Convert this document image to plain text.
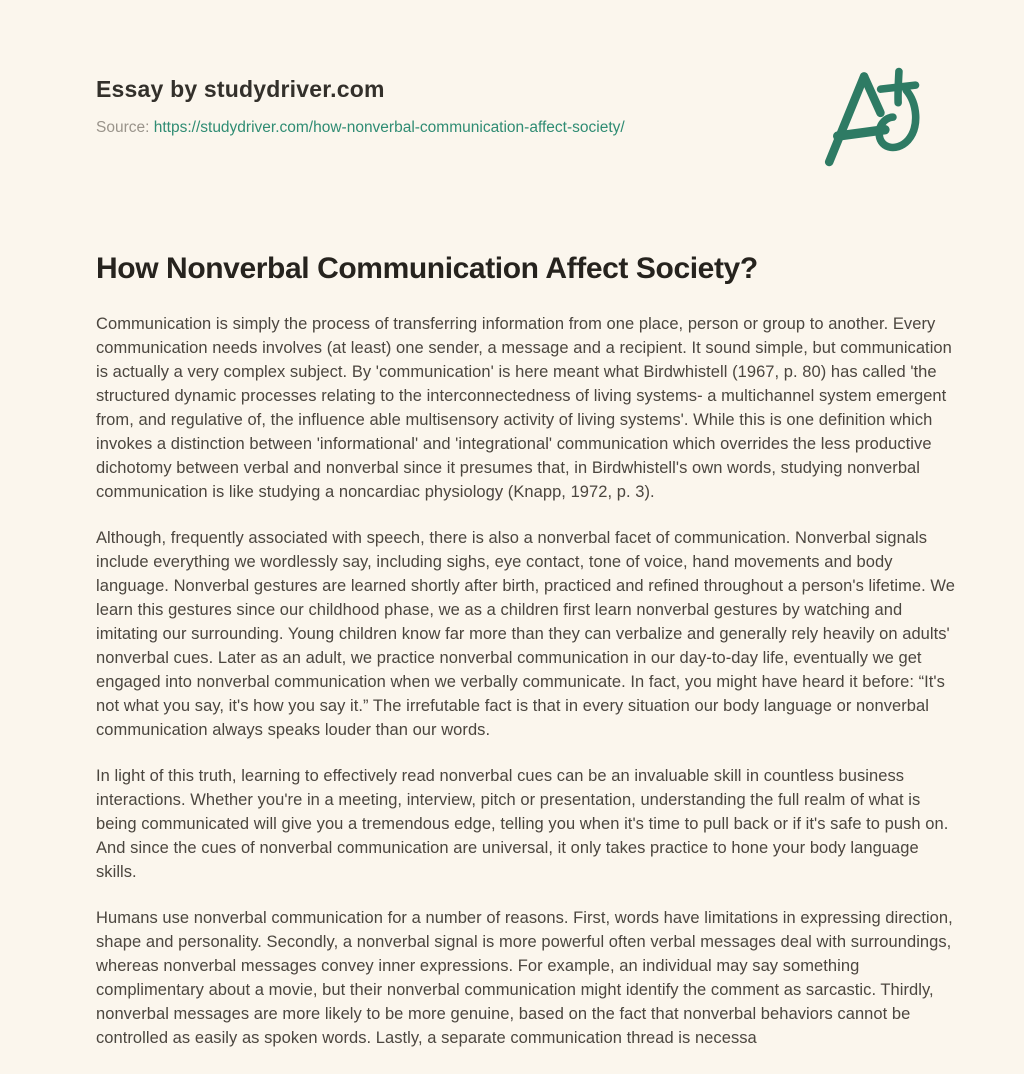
Essay by studydriver.com

Source: https://studydriver.com/how-nonverbal-communication-affect-society/

How Nonverbal Communication Affect Society?

Communication is simply the process of transferring information from one place, person or group to another. Every communication needs involves (at least) one sender, a message and a recipient. It sound simple, but communication is actually a very complex subject. By 'communication' is here meant what Birdwhistell (1967, p. 80) has called 'the structured dynamic processes relating to the interconnectedness of living systems- a multichannel system emergent from, and regulative of, the influence able multisensory activity of living systems'. While this is one definition which invokes a distinction between 'informational' and 'integrational' communication which overrides the less productive dichotomy between verbal and nonverbal since it presumes that, in Birdwhistell's own words, studying nonverbal communication is like studying a noncardiac physiology (Knapp, 1972, p. 3).

Although, frequently associated with speech, there is also a nonverbal facet of communication. Nonverbal signals include everything we wordlessly say, including sighs, eye contact, tone of voice, hand movements and body language. Nonverbal gestures are learned shortly after birth, practiced and refined throughout a person's lifetime. We learn this gestures since our childhood phase, we as a children first learn nonverbal gestures by watching and imitating our surrounding. Young children know far more than they can verbalize and generally rely heavily on adults' nonverbal cues. Later as an adult, we practice nonverbal communication in our day-to-day life, eventually we get engaged into nonverbal communication when we verbally communicate. In fact, you might have heard it before: “It's not what you say, it's how you say it.” The irrefutable fact is that in every situation our body language or nonverbal communication always speaks louder than our words.

In light of this truth, learning to effectively read nonverbal cues can be an invaluable skill in countless business interactions. Whether you're in a meeting, interview, pitch or presentation, understanding the full realm of what is being communicated will give you a tremendous edge, telling you when it's time to pull back or if it's safe to push on. And since the cues of nonverbal communication are universal, it only takes practice to hone your body language skills.

Humans use nonverbal communication for a number of reasons. First, words have limitations in expressing direction, shape and personality. Secondly, a nonverbal signal is more powerful often verbal messages deal with surroundings, whereas nonverbal messages convey inner expressions. For example, an individual may say something complimentary about a movie, but their nonverbal communication might identify the comment as sarcastic. Thirdly, nonverbal messages are more likely to be more genuine, based on the fact that nonverbal behaviors cannot be controlled as easily as spoken words. Lastly, a separate communication thread is necessa
